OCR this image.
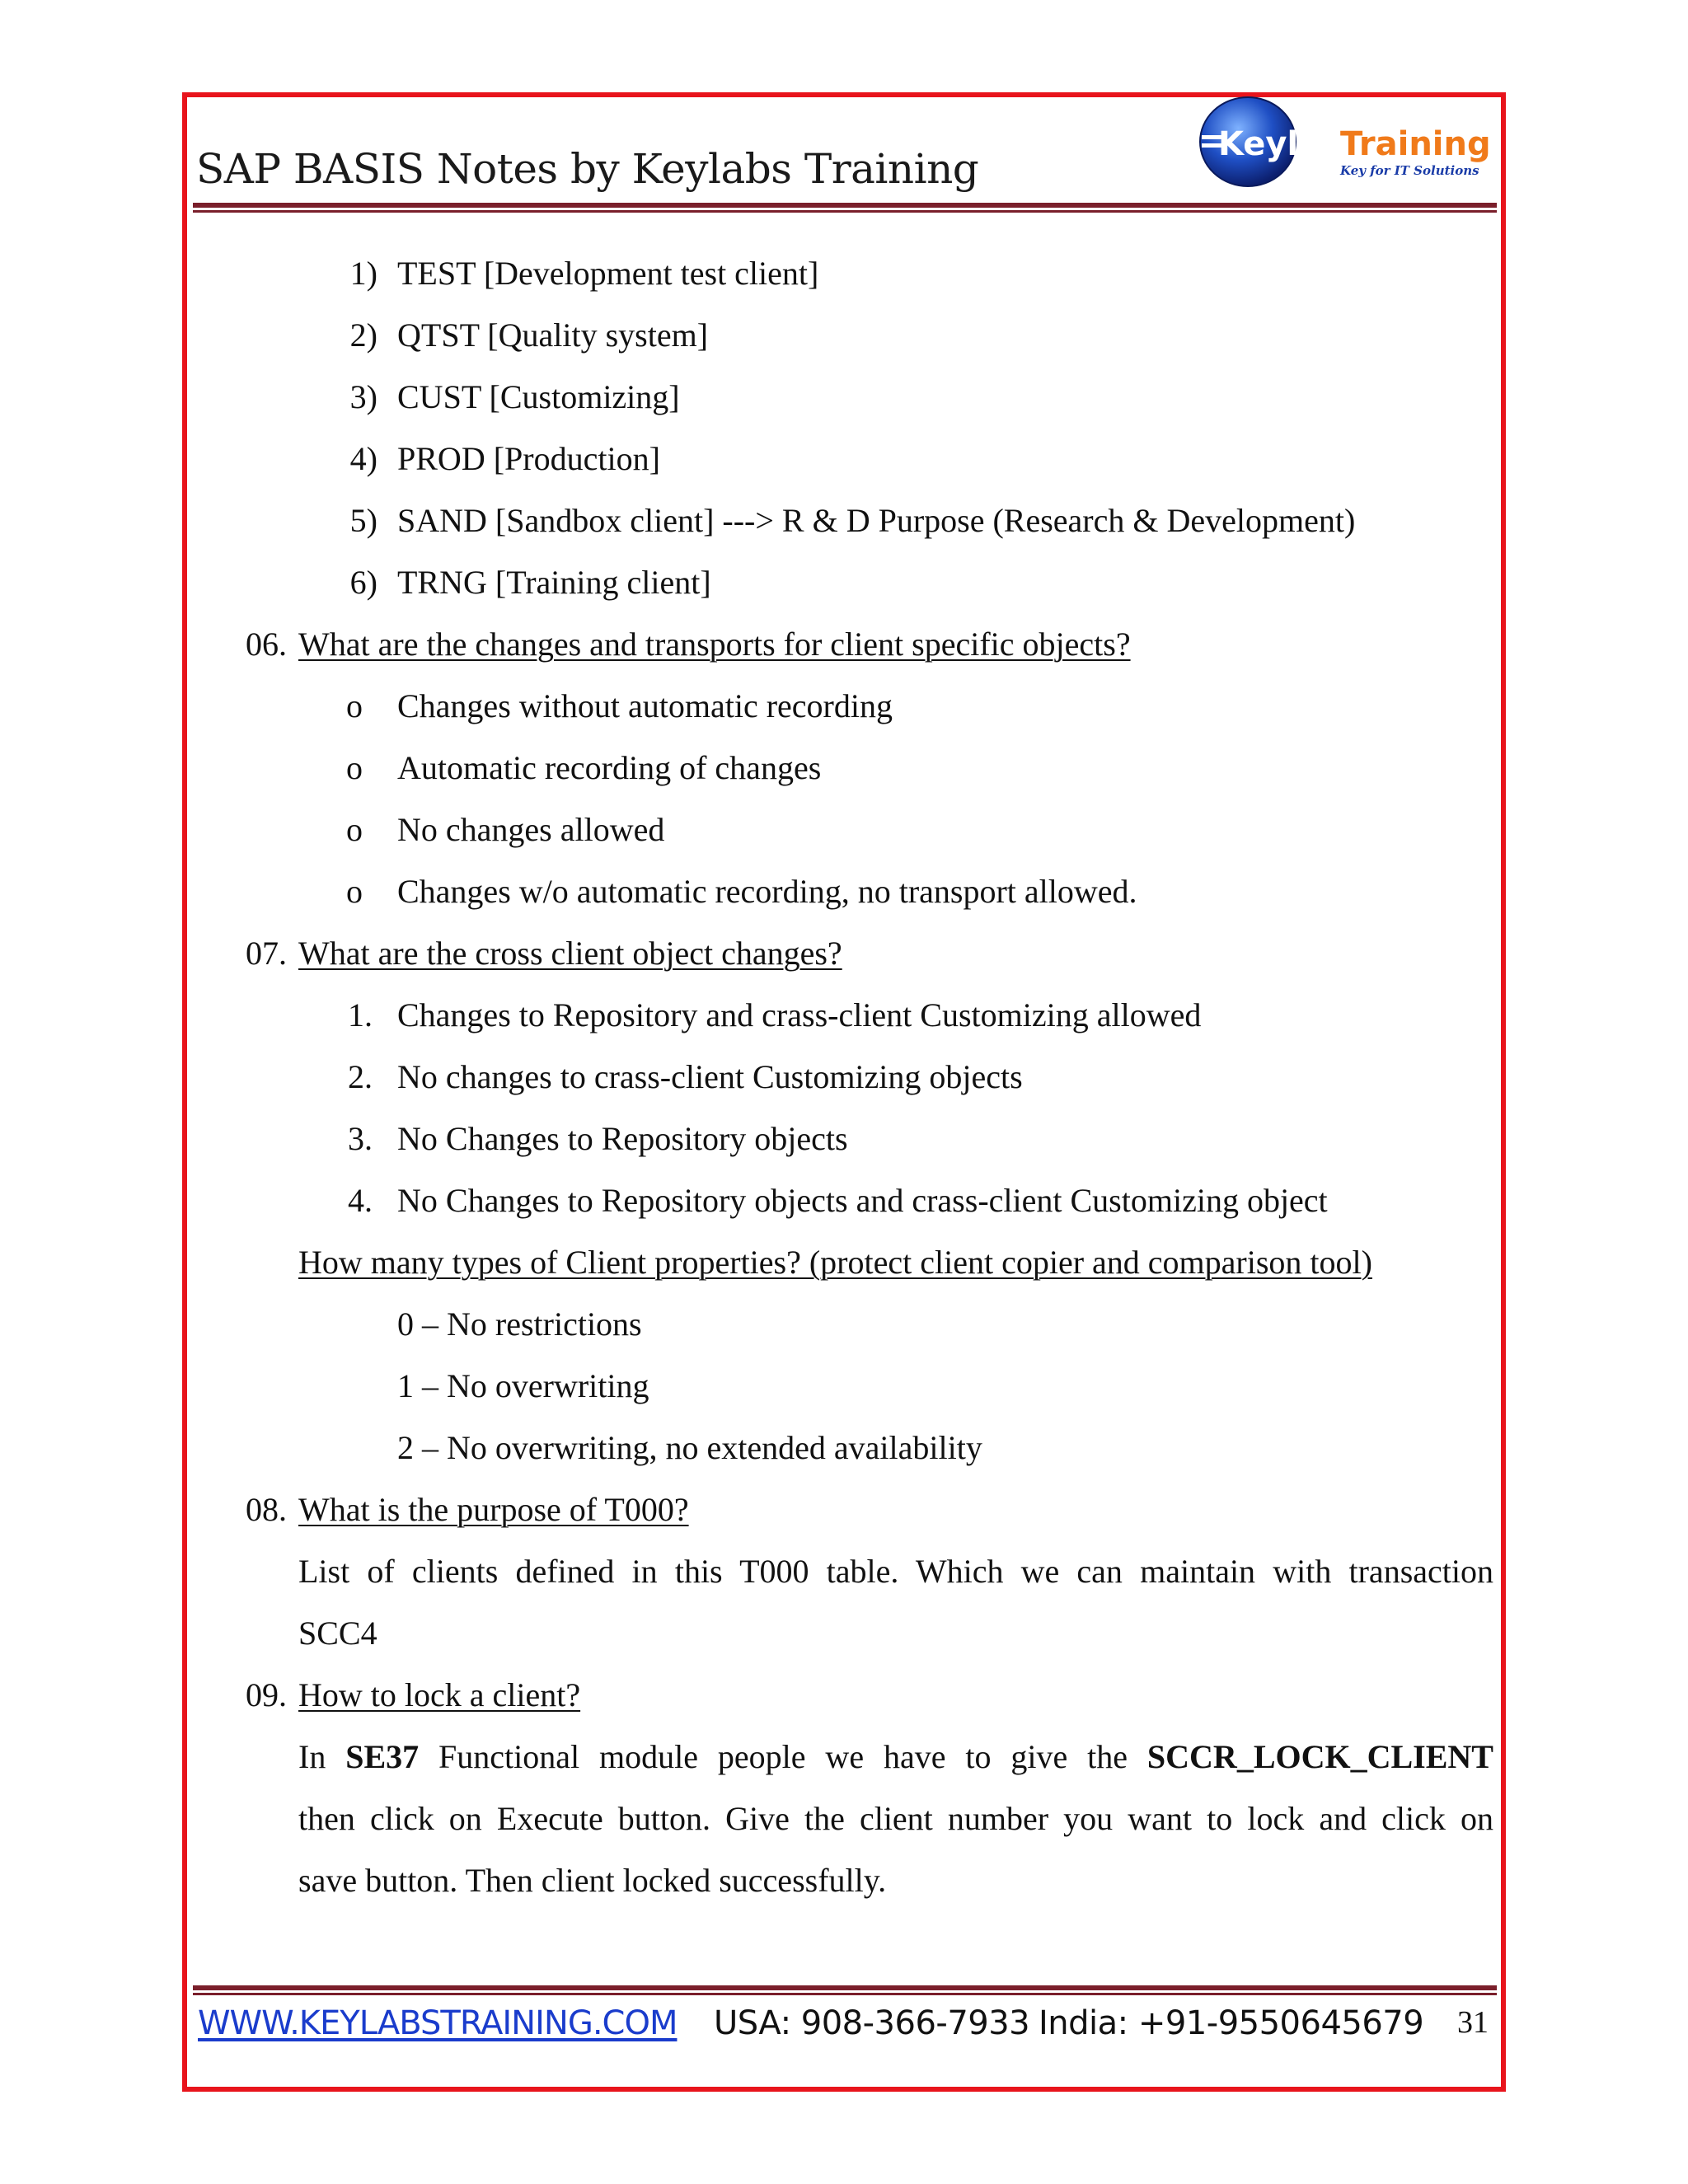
SAP BASIS Notes by Keylabs Training
Keylabs
Training
Key for IT Solutions
1) TEST [Development test client]
2) QTST [Quality system]
3) CUST [Customizing]
4) PROD [Production]
5) SAND [Sandbox client] ---> R & D Purpose (Research & Development)
6) TRNG [Training client]
06. What are the changes and transports for client specific objects?
o Changes without automatic recording
o Automatic recording of changes
o No changes allowed
o Changes w/o automatic recording, no transport allowed.
07. What are the cross client object changes?
1. Changes to Repository and crass-client Customizing allowed
2. No changes to crass-client Customizing objects
3. No Changes to Repository objects
4. No Changes to Repository objects and crass-client Customizing object
How many types of Client properties? (protect client copier and comparison tool)
0 – No restrictions
1 – No overwriting
2 – No overwriting, no extended availability
08. What is the purpose of T000?
List of clients defined in this T000 table. Which we can maintain with transaction
SCC4
09. How to lock a client?
In SE37 Functional module people we have to give the SCCR_LOCK_CLIENT
then click on Execute button. Give the client number you want to lock and click on
save button. Then client locked successfully.
WWW.KEYLABSTRAINING.COM USA: 908-366-7933 India: +91-9550645679 31
